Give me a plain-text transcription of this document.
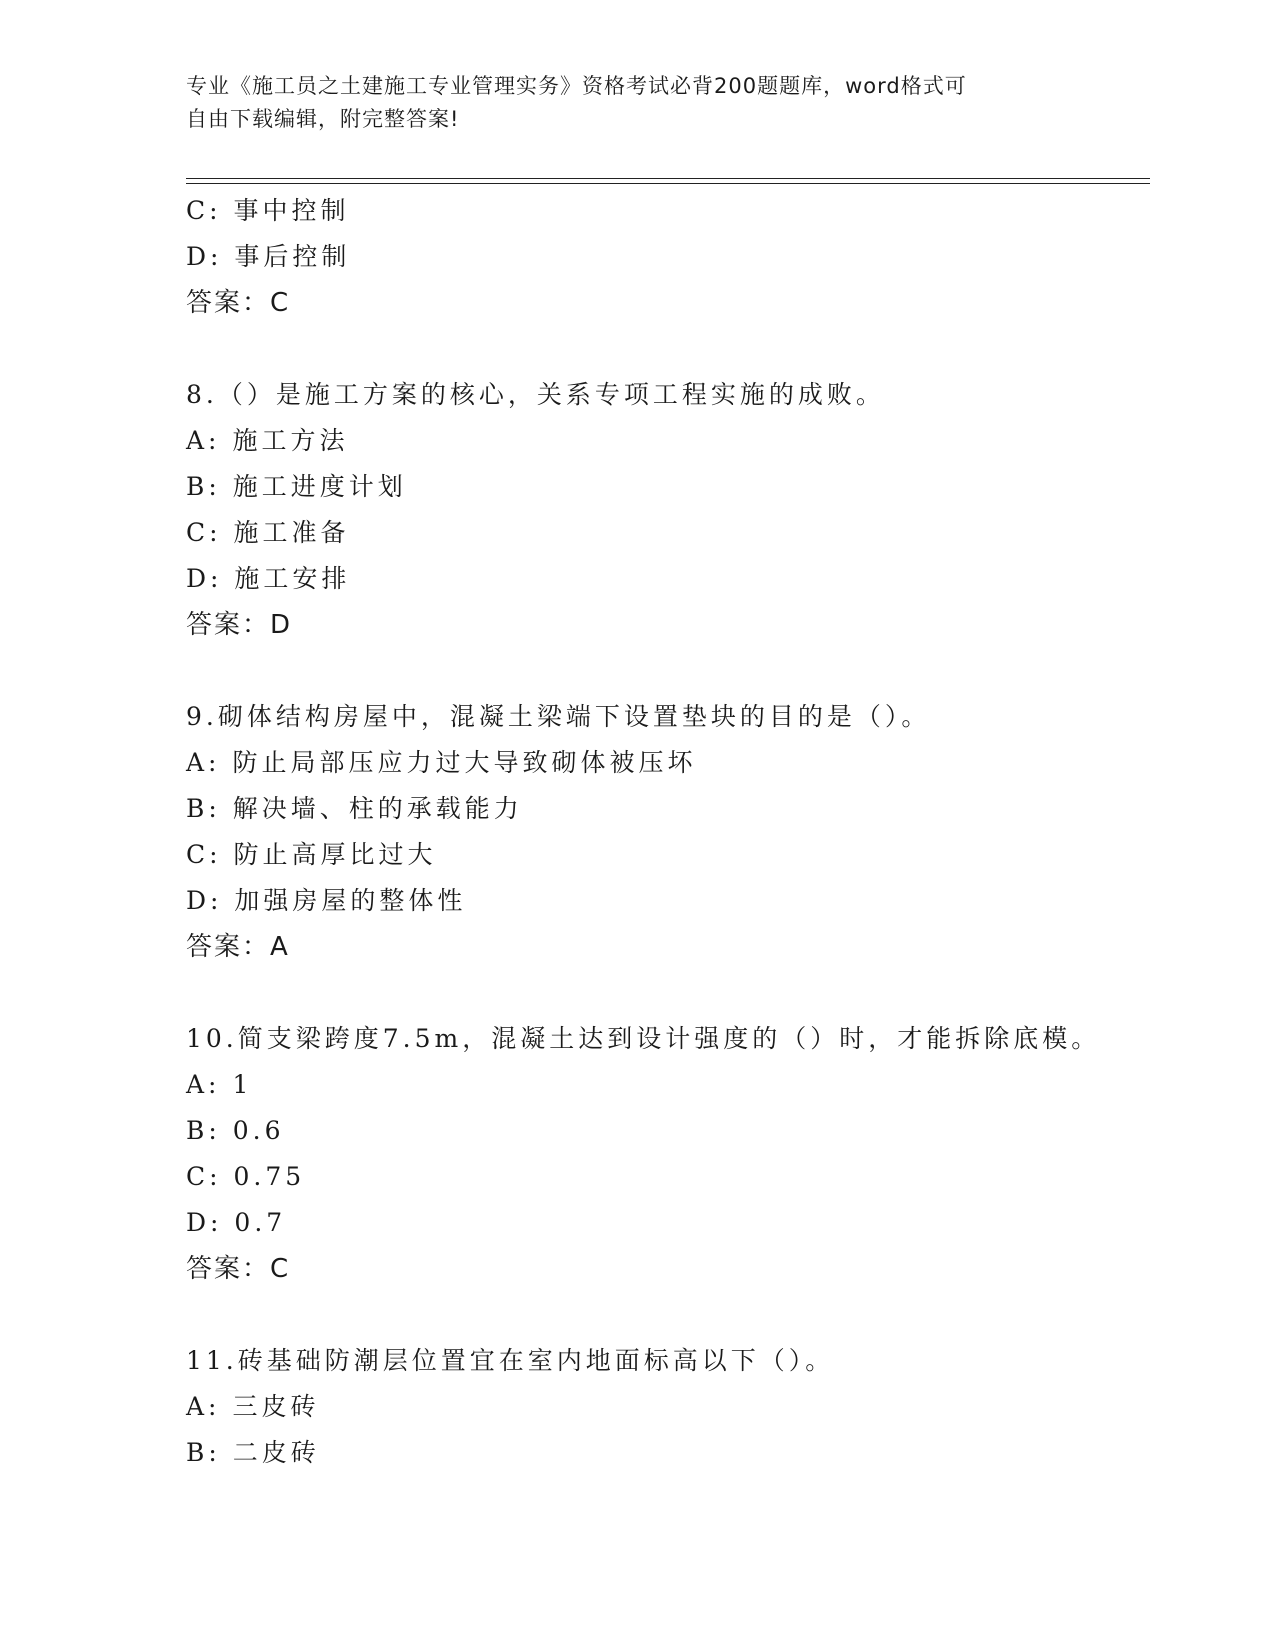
专业《施工员之土建施工专业管理实务》资格考试必背200题题库，word格式可
自由下载编辑，附完整答案!
C: 事中控制
D: 事后控制
答案：C
8.（）是施工方案的核心，关系专项工程实施的成败。
A: 施工方法
B: 施工进度计划
C: 施工准备
D: 施工安排
答案：D
9.砌体结构房屋中，混凝土梁端下设置垫块的目的是（）。
A: 防止局部压应力过大导致砌体被压坏
B: 解决墙、柱的承载能力
C: 防止高厚比过大
D: 加强房屋的整体性
答案：A
10.简支梁跨度7.5m，混凝土达到设计强度的（）时，才能拆除底模。
A: 1
B: 0.6
C: 0.75
D: 0.7
答案：C
11.砖基础防潮层位置宜在室内地面标高以下（）。
A: 三皮砖
B: 二皮砖
